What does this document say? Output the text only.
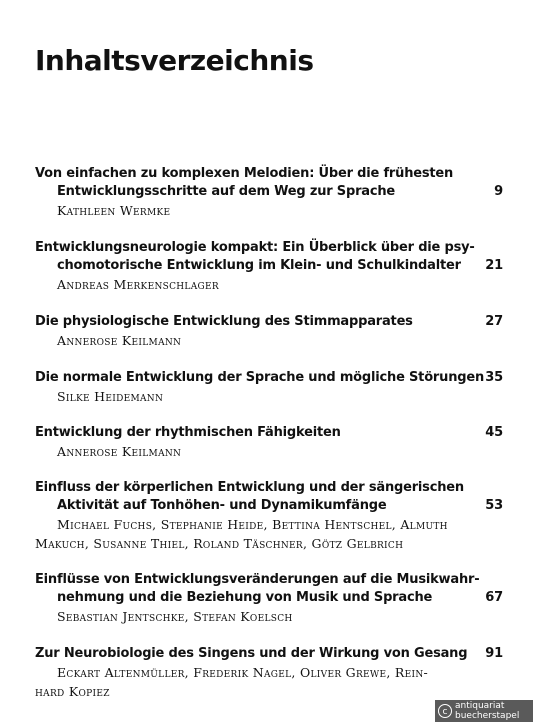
Inhaltsverzeichnis
Von einfachen zu komplexen Melodien: Über die frühesten
Entwicklungsschritte auf dem Weg zur Sprache	9
Kathleen Wermke
Entwicklungsneurologie kompakt: Ein Überblick über die psy-
chomotorische Entwicklung im Klein- und Schulkindalter	21
Andreas Merkenschlager
Die physiologische Entwicklung des Stimmapparates	27
Annerose Keilmann
Die normale Entwicklung der Sprache und mögliche Störungen 35
Silke Heidemann
Entwicklung der rhythmischen Fähigkeiten	45
Annerose Keilmann
Einfluss der körperlichen Entwicklung und der sängerischen
Aktivität auf Tonhöhen- und Dynamikumfänge	53
Michael Fuchs, Stephanie Heide, Bettina Hentschel, Almuth
Makuch, Susanne Thiel, Roland Täschner, Götz Gelbrich
Einflüsse von Entwicklungsveränderungen auf die Musikwahr-
nehmung und die Beziehung von Musik und Sprache	67
Sebastian Jentschke, Stefan Koelsch
Zur Neurobiologie des Singens und der Wirkung von Gesang	91
Eckart Altenmüller, Frederik Nagel, Oliver Grewe, Rein-
hard Kopiez
c
antiquariat
buecherstapel
